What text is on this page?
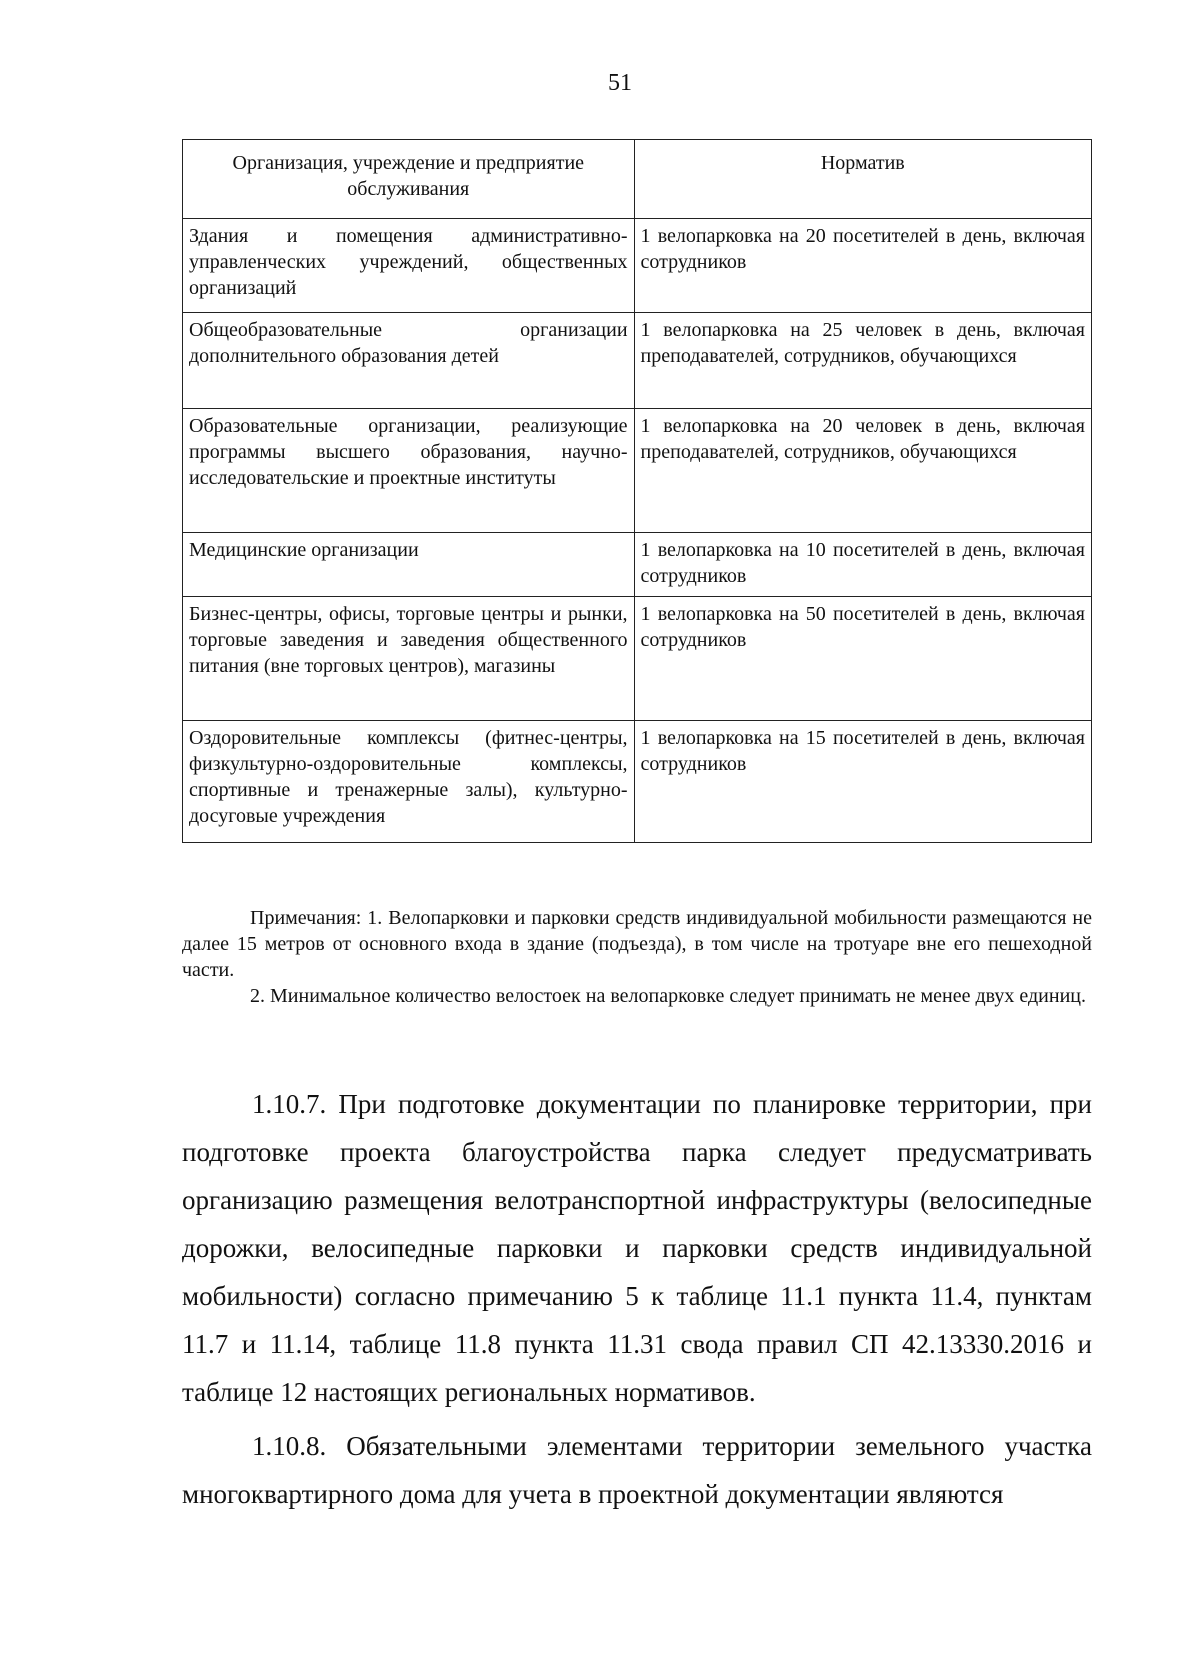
51
Организация, учреждение и предприятие обслуживания	Норматив
Здания и помещения административно-управленческих учреждений, общественных организаций	1 велопарковка на 20 посетителей в день, включая сотрудников
Общеобразовательные организации дополнительного образования детей	1 велопарковка на 25 человек в день, включая преподавателей, сотрудников, обучающихся
Образовательные организации, реализующие программы высшего образования, научно-исследовательские и проектные институты	1 велопарковка на 20 человек в день, включая преподавателей, сотрудников, обучающихся
Медицинские организации	1 велопарковка на 10 посетителей в день, включая сотрудников
Бизнес-центры, офисы, торговые центры и рынки, торговые заведения и заведения общественного питания (вне торговых центров), магазины	1 велопарковка на 50 посетителей в день, включая сотрудников
Оздоровительные комплексы (фитнес-центры, физкультурно-оздоровительные комплексы, спортивные и тренажерные залы), культурно-досуговые учреждения	1 велопарковка на 15 посетителей в день, включая сотрудников

Примечания: 1. Велопарковки и парковки средств индивидуальной мобильности размещаются не далее 15 метров от основного входа в здание (подъезда), в том числе на тротуаре вне его пешеходной части.

2. Минимальное количество велостоек на велопарковке следует принимать не менее двух единиц.

1.10.7. При подготовке документации по планировке территории, при подготовке проекта благоустройства парка следует предусматривать организацию размещения велотранспортной инфраструктуры (велосипедные дорожки, велосипедные парковки и парковки средств индивидуальной мобильности) согласно примечанию 5 к таблице 11.1 пункта 11.4, пунктам 11.7 и 11.14, таблице 11.8 пункта 11.31 свода правил СП 42.13330.2016 и таблице 12 настоящих региональных нормативов.

1.10.8. Обязательными элементами территории земельного участка многоквартирного дома для учета в проектной документации являются
